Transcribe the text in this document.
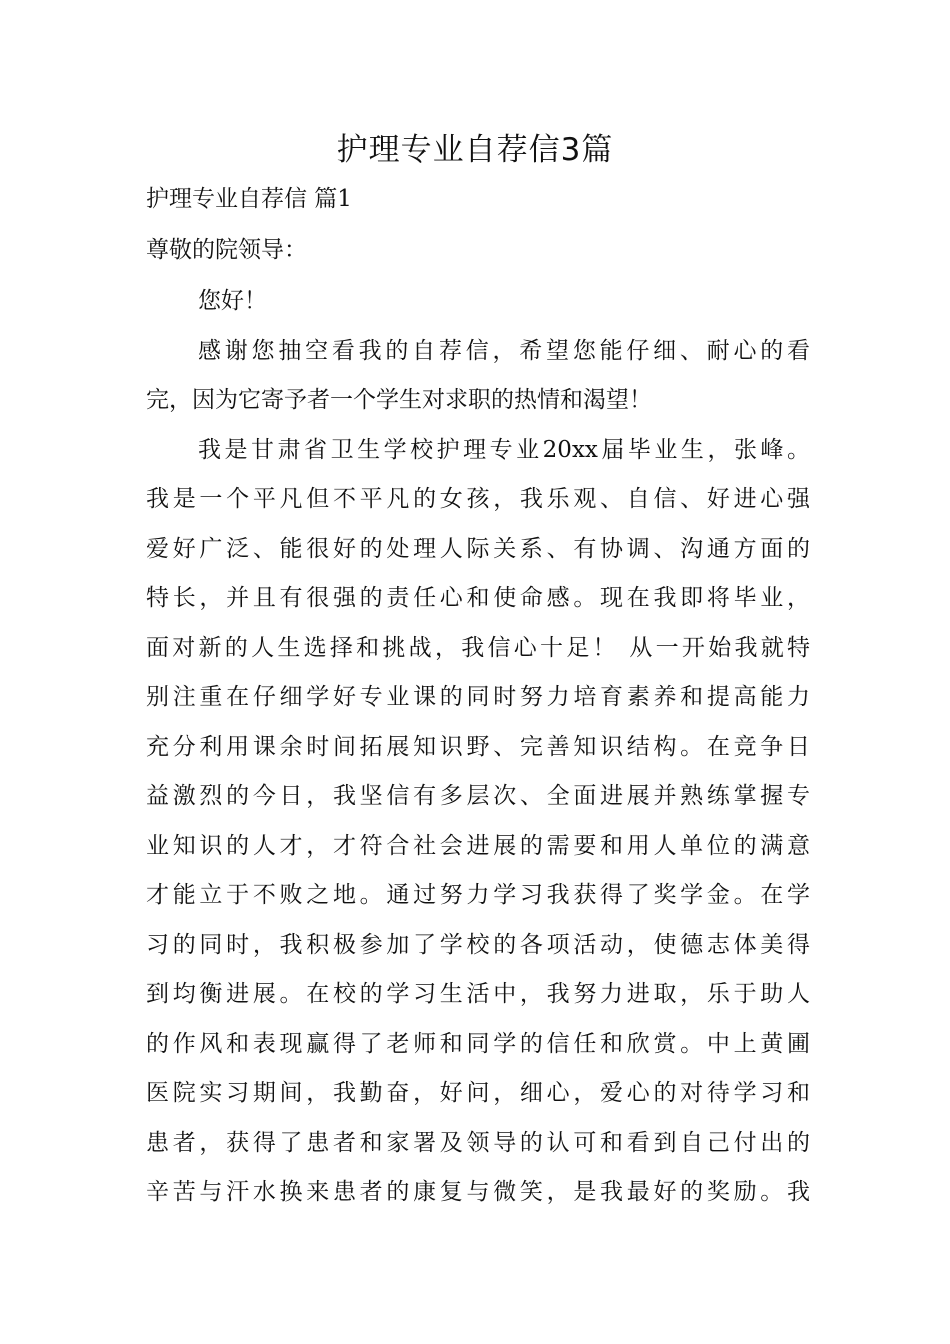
护理专业自荐信3篇

护理专业自荐信 篇1

尊敬的院领导：

您好！

感谢您抽空看我的自荐信，希望您能仔细、耐心的看

完，因为它寄予者一个学生对求职的热情和渴望！

我是甘肃省卫生学校护理专业20xx届毕业生，张峰。

我是一个平凡但不平凡的女孩，我乐观、自信、好进心强

爱好广泛、能很好的处理人际关系、有协调、沟通方面的

特长，并且有很强的责任心和使命感。现在我即将毕业，

面对新的人生选择和挑战，我信心十足！ 从一开始我就特

别注重在仔细学好专业课的同时努力培育素养和提高能力

充分利用课余时间拓展知识野、完善知识结构。在竞争日

益激烈的今日，我坚信有多层次、全面进展并熟练掌握专

业知识的人才，才符合社会进展的需要和用人单位的满意

才能立于不败之地。通过努力学习我获得了奖学金。在学

习的同时，我积极参加了学校的各项活动，使德志体美得

到均衡进展。在校的学习生活中，我努力进取，乐于助人

的作风和表现赢得了老师和同学的信任和欣赏。中上黄圃

医院实习期间，我勤奋，好问，细心，爱心的对待学习和

患者，获得了患者和家署及领导的认可和看到自己付出的

辛苦与汗水换来患者的康复与微笑，是我最好的奖励。我
